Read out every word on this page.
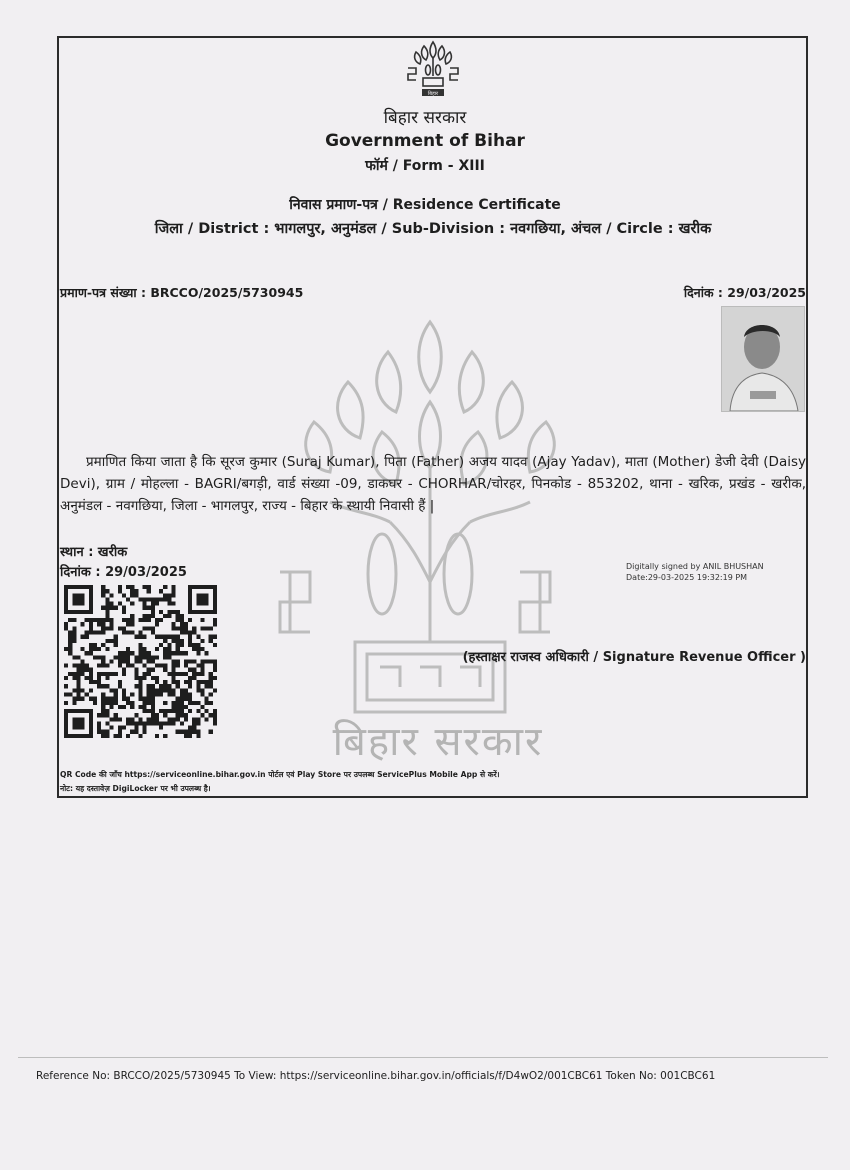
बिहार
बिहार सरकार
बिहार सरकार
Government of Bihar
फॉर्म / Form - XIII
निवास प्रमाण-पत्र / Residence Certificate
जिला / District : भागलपुर, अनुमंडल / Sub-Division : नवगछिया, अंचल / Circle : खरीक
प्रमाण-पत्र संख्या : BRCCO/2025/5730945	दिनांक : 29/03/2025
प्रमाणित किया जाता है कि सूरज कुमार (Suraj Kumar), पिता (Father) अजय यादव (Ajay Yadav), माता (Mother) डेजी देवी (Daisy Devi), ग्राम / मोहल्ला - BAGRI/बगड़ी, वार्ड संख्या -09, डाकघर - CHORHAR/चोरहर, पिनकोड - 853202, थाना - खरिक, प्रखंड - खरीक, अनुमंडल - नवगछिया, जिला - भागलपुर, राज्य - बिहार के स्थायी निवासी हैं |
स्थान : खरीक
दिनांक : 29/03/2025	Digitally signed by ANIL BHUSHAN
Date:29-03-2025 19:32:19 PM
(हस्ताक्षर राजस्व अधिकारी / Signature Revenue Officer )
QR Code की जाँच https://serviceonline.bihar.gov.in पोर्टल एवं Play Store पर उपलब्ध ServicePlus Mobile App से करें।
नोट: यह दस्तावेज़ DigiLocker पर भी उपलब्ध है।
Reference No: BRCCO/2025/5730945 To View: https://serviceonline.bihar.gov.in/officials/f/D4wO2/001CBC61 Token No: 001CBC61
